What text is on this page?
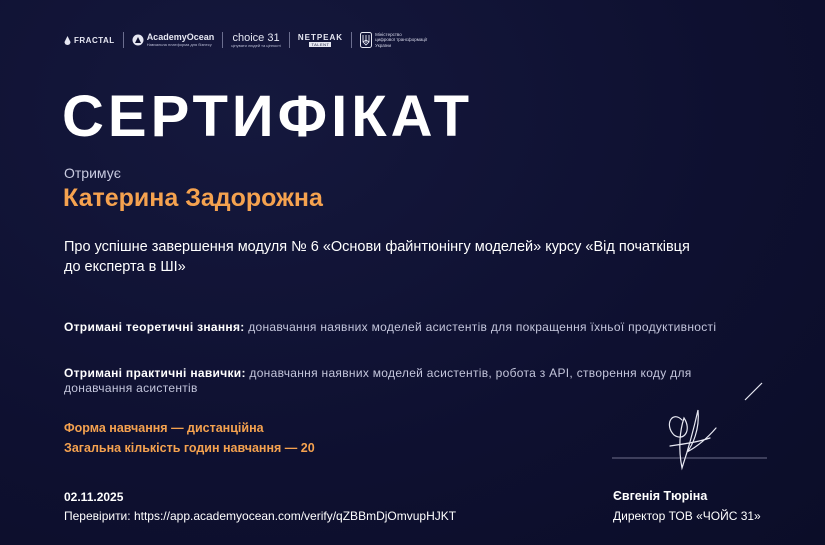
FRACTAL	AcademyOcean
Навчальна платформа для бізнесу
choice 31
цінувати людей та цінності
NETPEAK
TALENT
Міністерство
цифрової трансформації
України
СЕРТИФІКАТ
Отримує
Катерина Задорожна
Про успішне завершення модуля № 6 «Основи файнтюнінгу моделей» курсу «Від початківця до експерта в ШІ»
Отримані теоретичні знання: донавчання наявних моделей асистентів для покращення їхньої продуктивності
Отримані практичні навички: донавчання наявних моделей асистентів, робота з API, створення коду для донавчання асистентів
Форма навчання — дистанційна
Загальна кількість годин навчання — 20
02.11.2025
Перевірити: https://app.academyocean.com/verify/qZBBmDjOmvupHJKT
Євгенія Тюріна
Директор ТОВ «ЧОЙС 31»
